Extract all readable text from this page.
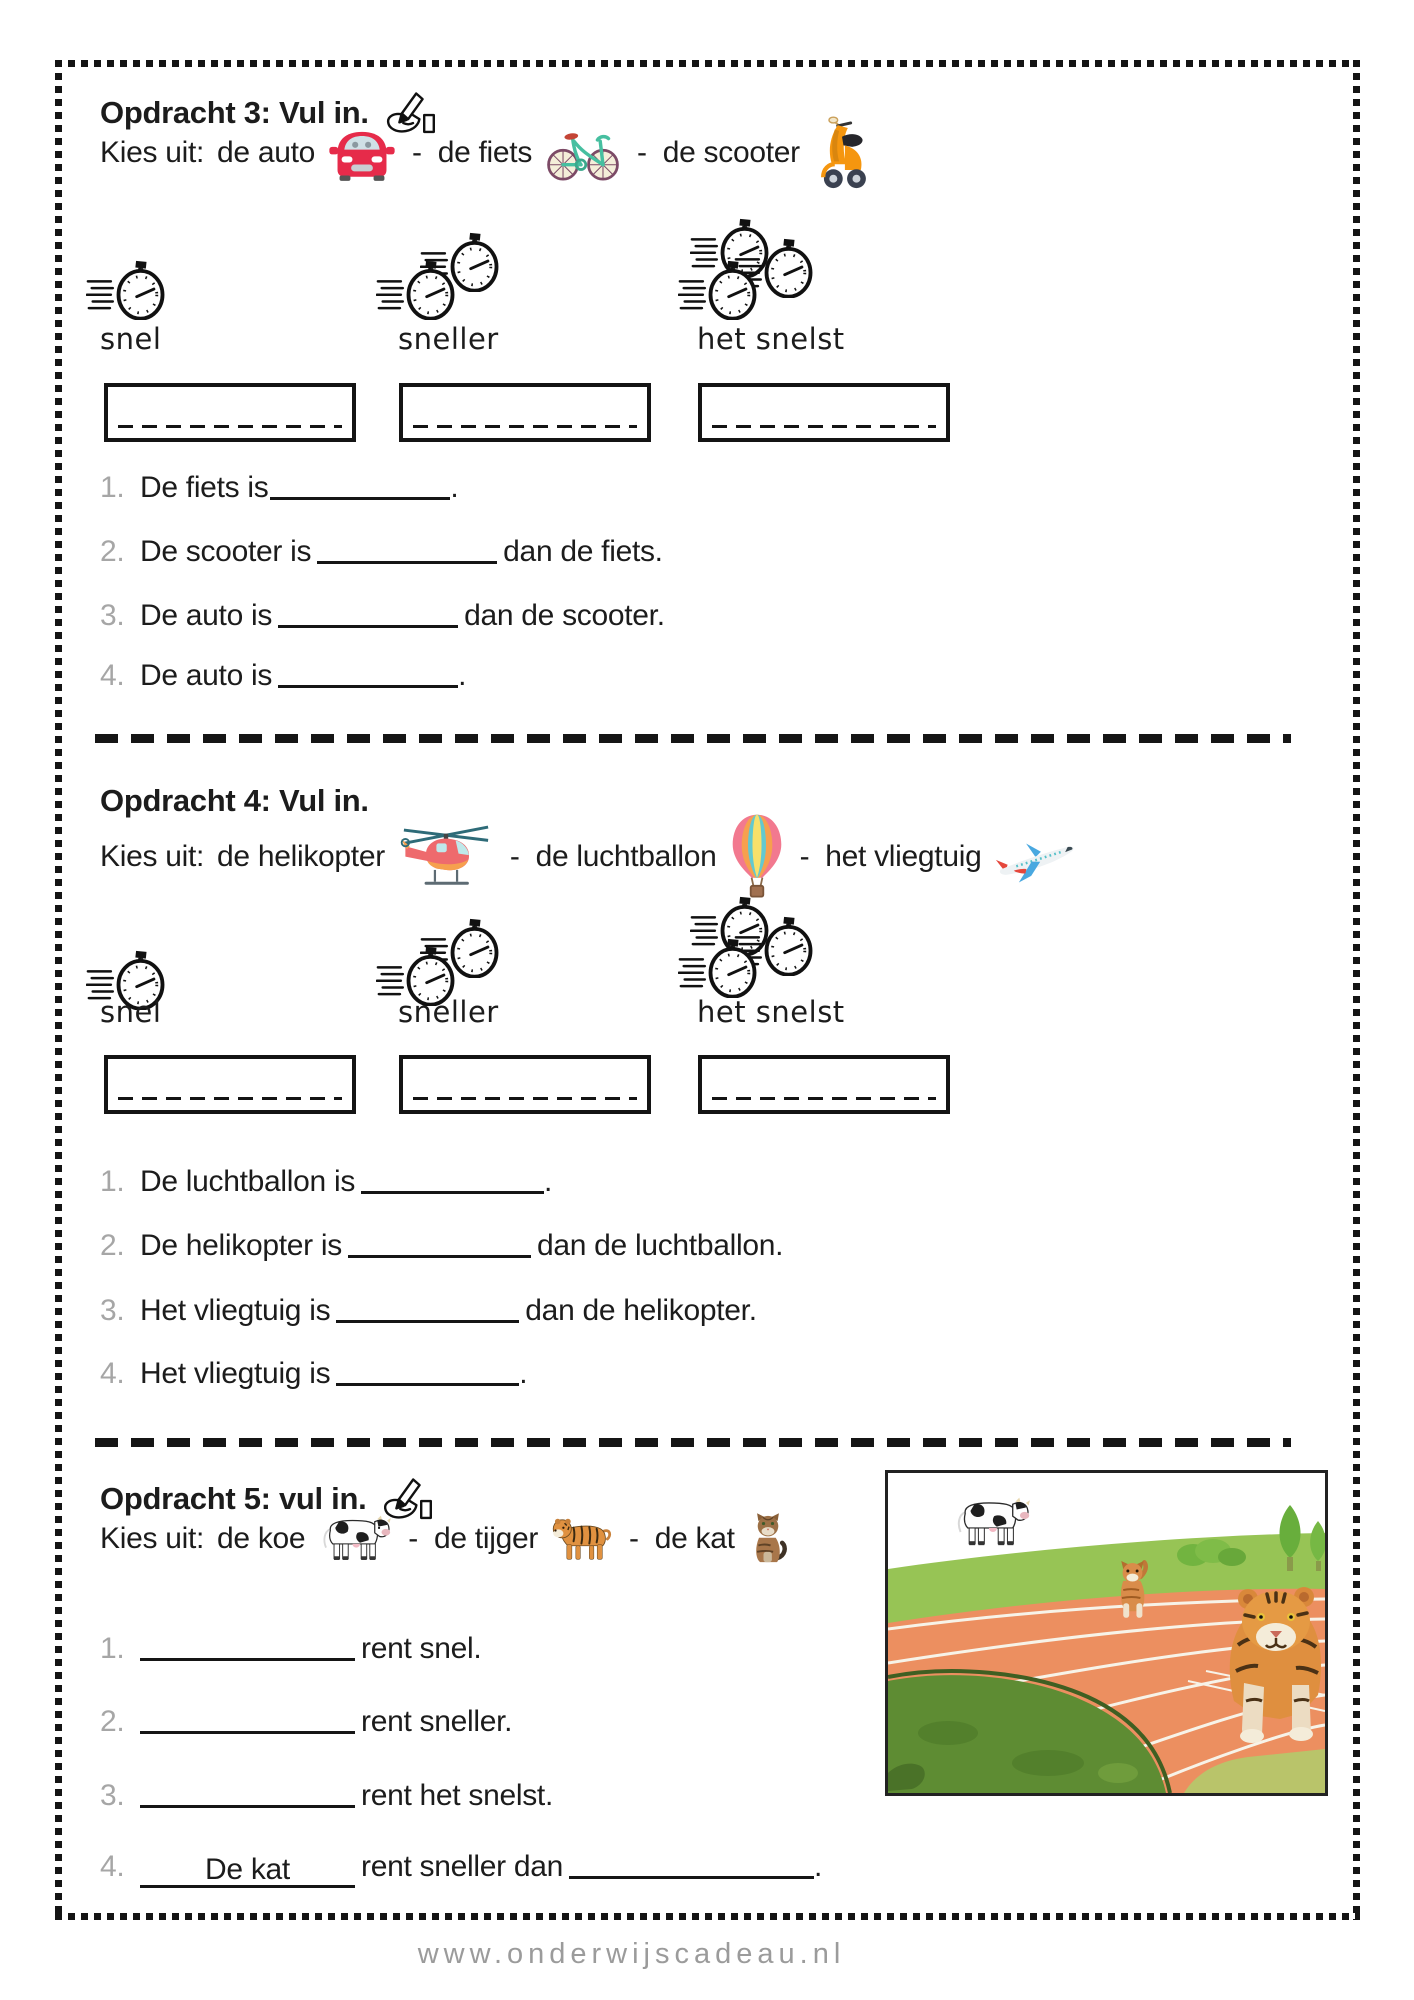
Opdracht 3: Vul in.
Kies uit: de auto	- de fiets	- de scooter
snel	sneller	het snelst
1. De fiets is	.
2. De scooter is	dan de fiets.
3. De auto is	dan de scooter.
4. De auto is	.
Opdracht 4: Vul in.
Kies uit: de helikopter	- de luchtballon	- het vliegtuig
snel	sneller	het snelst
1. De luchtballon is	.
2. De helikopter is	dan de luchtballon.
3. Het vliegtuig is	dan de helikopter.
4. Het vliegtuig is	.
Opdracht 5: vul in.
Kies uit: de koe	- de tijger	- de kat
1.	rent snel.
2.	rent sneller.
3.	rent het snelst.
4.	De kat rent sneller dan	.
www.onderwijscadeau.nl
